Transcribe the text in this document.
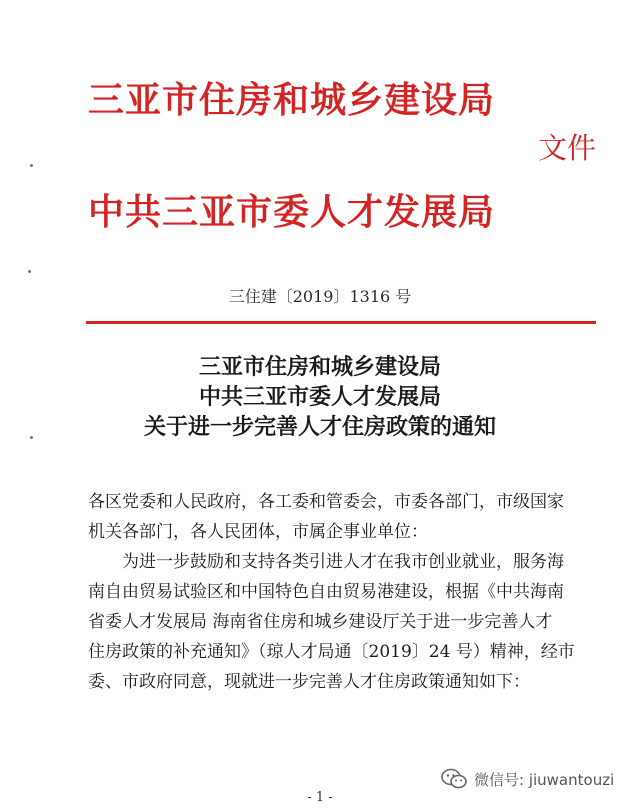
三亚市住房和城乡建设局
文件
中共三亚市委人才发展局
三住建〔2019〕1316 号
三亚市住房和城乡建设局
中共三亚市委人才发展局
关于进一步完善人才住房政策的通知
各区党委和人民政府，各工委和管委会，市委各部门，市级国家
机关各部门，各人民团体，市属企事业单位：
为进一步鼓励和支持各类引进人才在我市创业就业，服务海
南自由贸易试验区和中国特色自由贸易港建设，根据《中共海南
省委人才发展局 海南省住房和城乡建设厅关于进一步完善人才
住房政策的补充通知》（琼人才局通〔2019〕24 号）精神，经市
委、市政府同意，现就进一步完善人才住房政策通知如下：
微信号: jiuwantouzi
- 1 -
